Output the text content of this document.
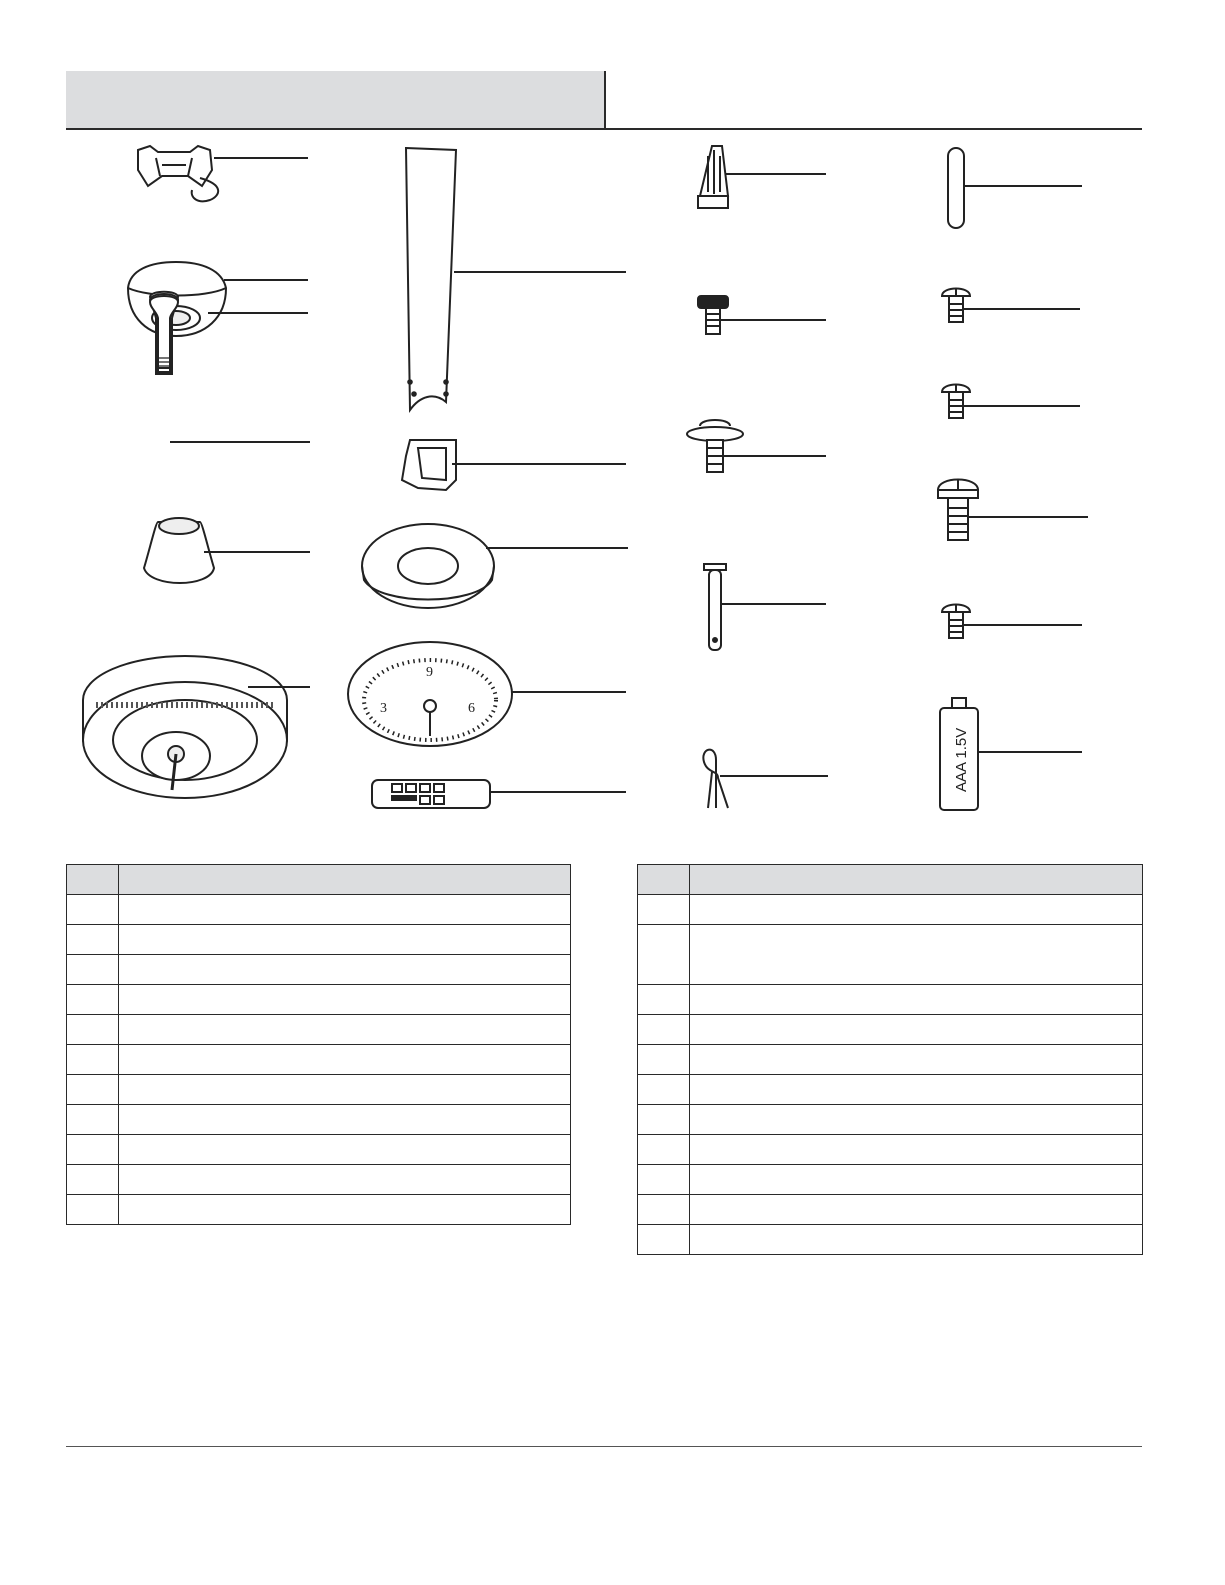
9
3	6
AAA 1.5V
